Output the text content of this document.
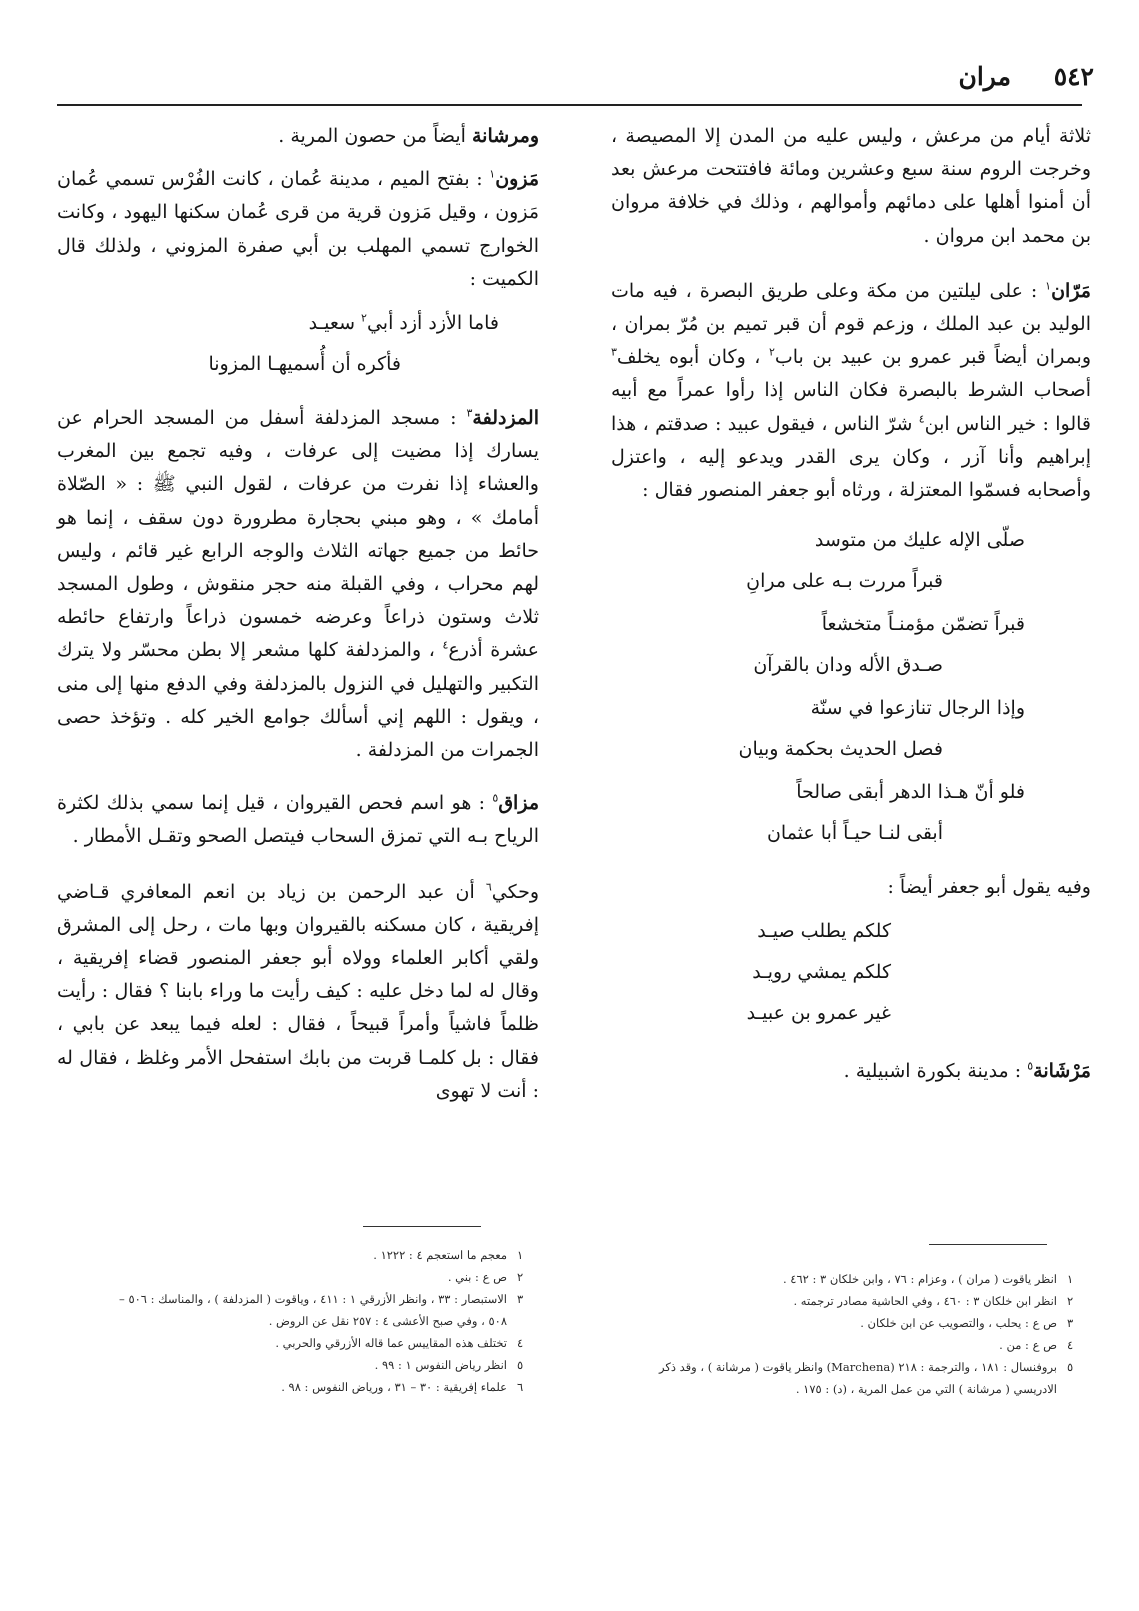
٥٤٢
مران

ثلاثة أيام من مرعش ، وليس عليه من المدن إلا المصيصة ، وخرجت الروم سنة سبع وعشرين ومائة فافتتحت مرعش بعد أن أمنوا أهلها على دمائهم وأموالهم ، وذلك في خلافة مروان بن محمد ابن مروان .

مَرّان$^١$ : على ليلتين من مكة وعلى طريق البصرة ، فيه مات الوليد بن عبد الملك ، وزعم قوم أن قبر تميم بن مُرّ بمران ، وبمران أيضاً قبر عمرو بن عبيد بن باب$^٢$ ، وكان أبوه يخلف$^٣$ أصحاب الشرط بالبصرة فكان الناس إذا رأوا عمراً مع أبيه قالوا : خير الناس ابن$^٤$ شرّ الناس ، فيقول عبيد : صدقتم ، هذا إبراهيم وأنا آزر ، وكان يرى القدر ويدعو إليه ، واعتزل وأصحابه فسمّوا المعتزلة ، ورثاه أبو جعفر المنصور فقال :

صلّى الإله عليك من متوسد
قبراً مررت بـه على مرانِ
قبراً تضمّن مؤمنـاً متخشعاً
صـدق الأله ودان بالقرآن
وإذا الرجال تنازعوا في سنّة
فصل الحديث بحكمة وبيان
فلو أنّ هـذا الدهر أبقى صالحاً
أبقى لنـا حيـاً أبا عثمان

وفيه يقول أبو جعفر أيضاً :

كلكم يطلب صيـد
كلكم يمشي رويـد
غير عمرو بن عبيـد

مَرْشَانة$^٥$ : مدينة بكورة اشبيلية .

١
انظر ياقوت ( مران ) ، وعزام : ٧٦ ، وابن خلكان ٣ : ٤٦٢ .
٢
انظر ابن خلكان ٣ : ٤٦٠ ، وفي الحاشية مصادر ترجمته .
٣
ص ع : يحلب ، والتصويب عن ابن خلكان .
٤
ص ع : من .
٥
بروفنسال : ١٨١ ، والترجمة : ٢١٨ (Marchena) وانظر ياقوت ( مرشانة ) ، وقد ذكر
الادريسي ( مرشانة ) التي من عمل المرية ، (د) : ١٧٥ .

ومرشانة أيضاً من حصون المرية .

مَزون$^١$ : بفتح الميم ، مدينة عُمان ، كانت الفُرْس تسمي عُمان مَزون ، وقيل مَزون قرية من قرى عُمان سكنها اليهود ، وكانت الخوارج تسمي المهلب بن أبي صفرة المزوني ، ولذلك قال الكميت :

فاما الأزد أزد أبي$^٢$ سعيـد
فأكره أن أُسميهـا المزونا

المزدلفة$^٣$ : مسجد المزدلفة أسفل من المسجد الحرام عن يسارك إذا مضيت إلى عرفات ، وفيه تجمع بين المغرب والعشاء إذا نفرت من عرفات ، لقول النبي ﷺ : « الصّلاة أمامك » ، وهو مبني بحجارة مطرورة دون سقف ، إنما هو حائط من جميع جهاته الثلاث والوجه الرابع غير قائم ، وليس لهم محراب ، وفي القبلة منه حجر منقوش ، وطول المسجد ثلاث وستون ذراعاً وعرضه خمسون ذراعاً وارتفاع حائطه عشرة أذرع$^٤$ ، والمزدلفة كلها مشعر إلا بطن محسّر ولا يترك التكبير والتهليل في النزول بالمزدلفة وفي الدفع منها إلى منى ، ويقول : اللهم إني أسألك جوامع الخير كله . وتؤخذ حصى الجمرات من المزدلفة .

مزاق$^٥$ : هو اسم فحص القيروان ، قيل إنما سمي بذلك لكثرة الرياح بـه التي تمزق السحاب فيتصل الصحو وتقـل الأمطار .

وحكي$^٦$ أن عبد الرحمن بن زياد بن انعم المعافري قـاضي إفريقية ، كان مسكنه بالقيروان وبها مات ، رحل إلى المشرق ولقي أكابر العلماء وولاه أبو جعفر المنصور قضاء إفريقية ، وقال له لما دخل عليه : كيف رأيت ما وراء بابنا ؟ فقال : رأيت ظلماً فاشياً وأمراً قبيحاً ، فقال : لعله فيما يبعد عن بابي ، فقال : بل كلمـا قربت من بابك استفحل الأمر وغلظ ، فقال له : أنت لا تهوى

١
معجم ما استعجم ٤ : ١٢٢٢ .
٢
ص ع : بني .
٣
الاستبصار : ٣٣ ، وانظر الأزرقي ١ : ٤١١ ، وياقوت ( المزدلفة ) ، والمناسك : ٥٠٦ –
٥٠٨ ، وفي صبح الأعشى ٤ : ٢٥٧ نقل عن الروض .
٤
تختلف هذه المقاييس عما قاله الأزرقي والحربي .
٥
انظر رياض النفوس ١ : ٩٩ .
٦
علماء إفريقية : ٣٠ – ٣١ ، ورياض النفوس : ٩٨ .
